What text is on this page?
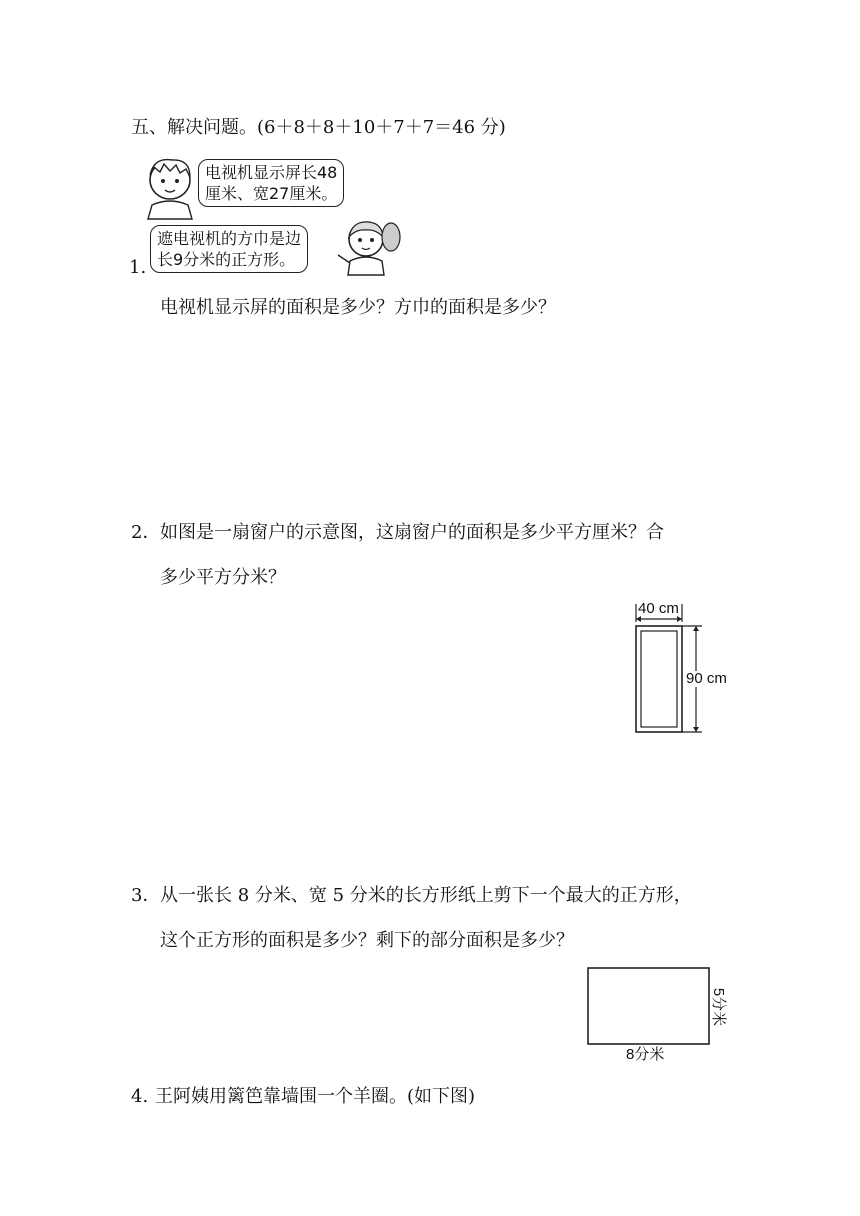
五、解决问题。(6＋8＋8＋10＋7＋7＝46 分)
电视机显示屏长48
厘米、宽27厘米。
遮电视机的方巾是边
长9分米的正方形。
1.
电视机显示屏的面积是多少？方巾的面积是多少？
2． 如图是一扇窗户的示意图，这扇窗户的面积是多少平方厘米？合
多少平方分米？
40 cm
90 cm
3． 从一张长 8 分米、宽 5 分米的长方形纸上剪下一个最大的正方形，
这个正方形的面积是多少？剩下的部分面积是多少？
8分米
5分米
4. 王阿姨用篱笆靠墙围一个羊圈。(如下图)
